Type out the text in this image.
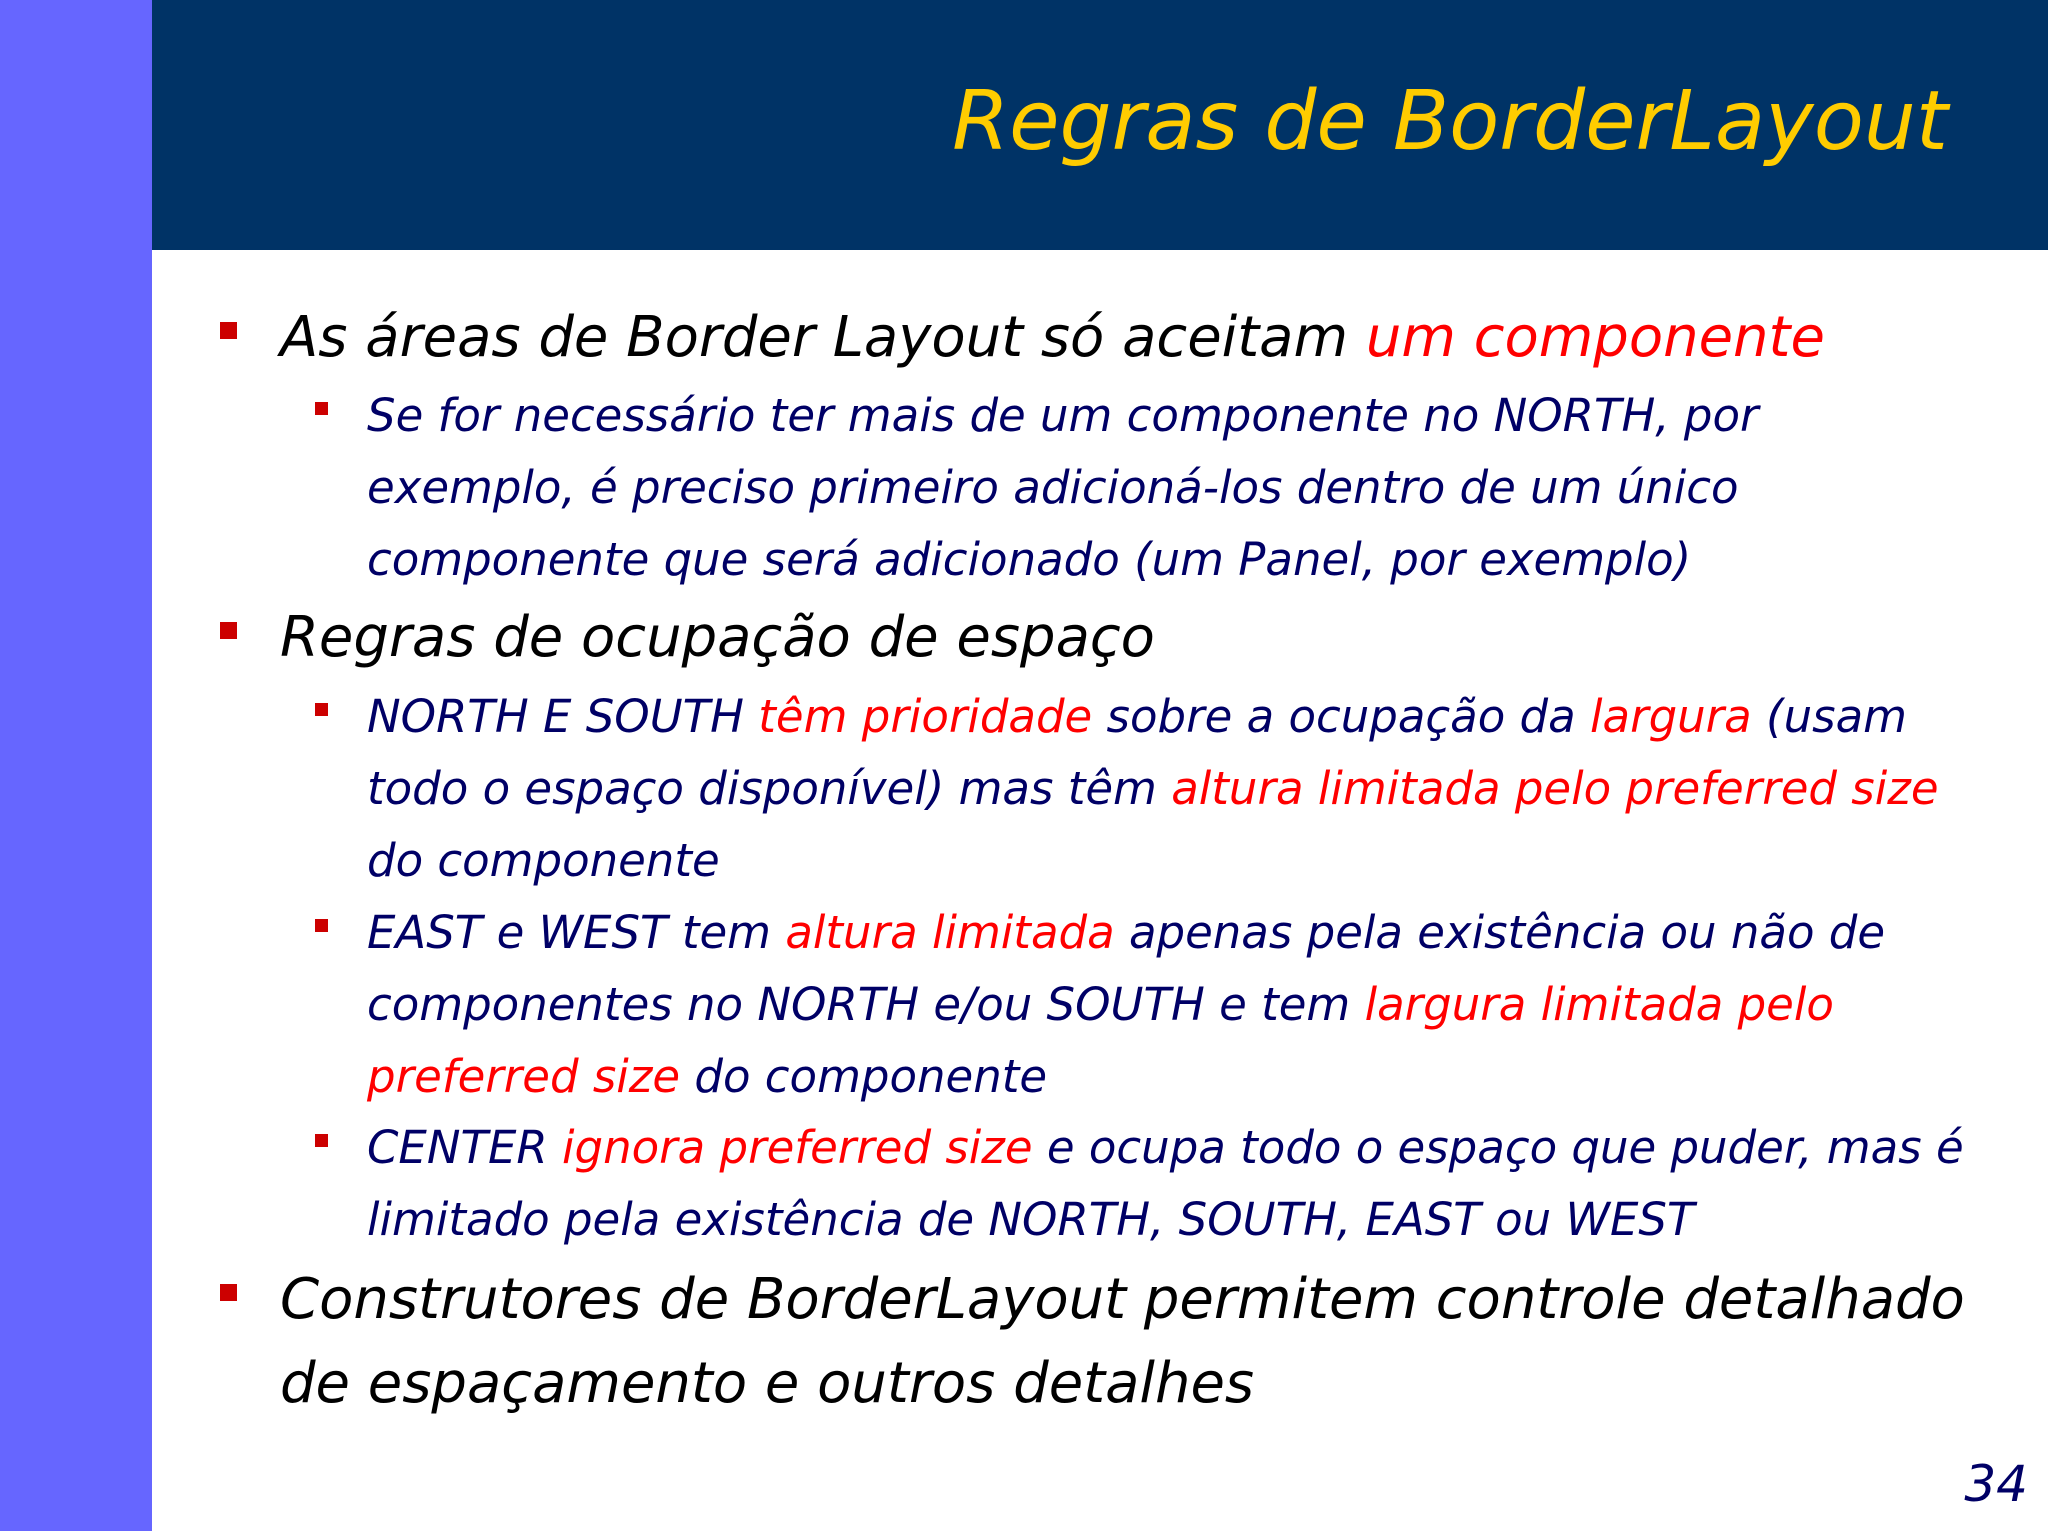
Regras de BorderLayout
As áreas de Border Layout só aceitam um componente
Se for necessário ter mais de um componente no NORTH, por
exemplo, é preciso primeiro adicioná-los dentro de um único
componente que será adicionado (um Panel, por exemplo)
Regras de ocupação de espaço
NORTH E SOUTH têm prioridade sobre a ocupação da largura (usam
todo o espaço disponível) mas têm altura limitada pelo preferred size
do componente
EAST e WEST tem altura limitada apenas pela existência ou não de
componentes no NORTH e/ou SOUTH e tem largura limitada pelo
preferred size do componente
CENTER ignora preferred size e ocupa todo o espaço que puder, mas é
limitado pela existência de NORTH, SOUTH, EAST ou WEST
Construtores de BorderLayout permitem controle detalhado
de espaçamento e outros detalhes
34
